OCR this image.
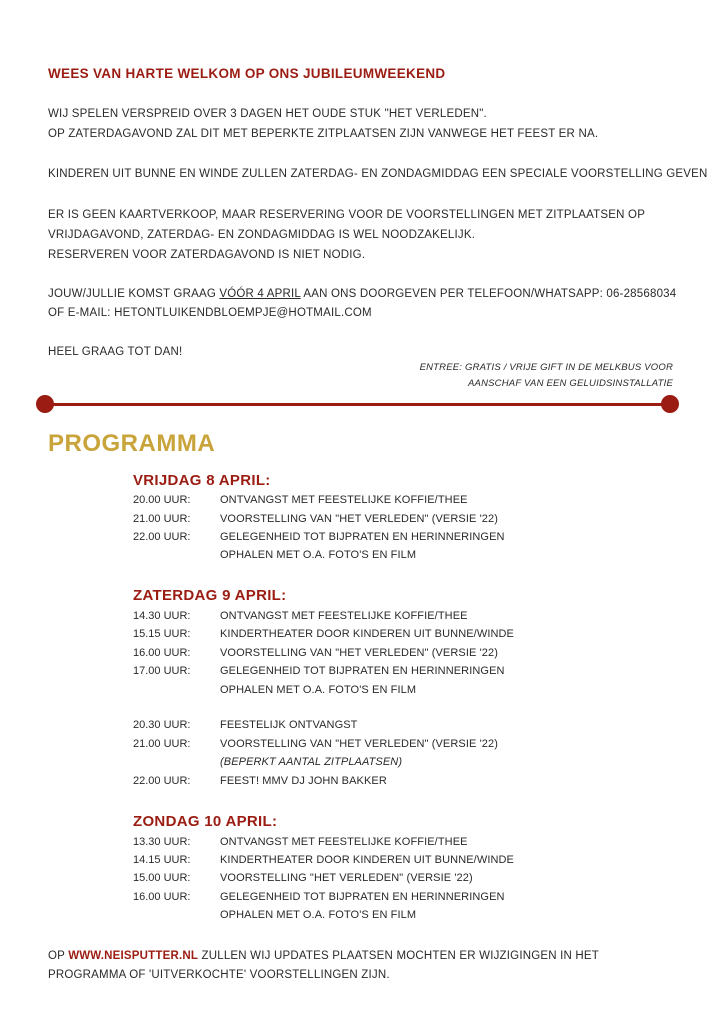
WEES VAN HARTE WELKOM OP ONS JUBILEUMWEEKEND
WIJ SPELEN VERSPREID OVER 3 DAGEN HET OUDE STUK "HET VERLEDEN".
OP ZATERDAGAVOND ZAL DIT MET BEPERKTE ZITPLAATSEN ZIJN VANWEGE HET FEEST ER NA.
KINDEREN UIT BUNNE EN WINDE ZULLEN ZATERDAG- EN ZONDAGMIDDAG EEN SPECIALE VOORSTELLING GEVEN
ER IS GEEN KAARTVERKOOP, MAAR RESERVERING VOOR DE VOORSTELLINGEN MET ZITPLAATSEN OP
VRIJDAGAVOND, ZATERDAG- EN ZONDAGMIDDAG IS WEL NOODZAKELIJK.
RESERVEREN VOOR ZATERDAGAVOND IS NIET NODIG.
JOUW/JULLIE KOMST GRAAG VÓÓR 4 APRIL AAN ONS DOORGEVEN PER TELEFOON/WHATSAPP: 06-28568034
OF E-MAIL: HETONTLUIKENDBLOEMPJE@HOTMAIL.COM
HEEL GRAAG TOT DAN!
ENTREE: GRATIS / VRIJE GIFT IN DE MELKBUS VOOR
AANSCHAF VAN EEN GELUIDSINSTALLATIE
PROGRAMMA
VRIJDAG 8 APRIL:
20.00 UUR:	ONTVANGST MET FEESTELIJKE KOFFIE/THEE
21.00 UUR:	VOORSTELLING VAN "HET VERLEDEN" (VERSIE '22)
22.00 UUR:	GELEGENHEID TOT BIJPRATEN EN HERINNERINGEN
OPHALEN MET O.A. FOTO'S EN FILM
ZATERDAG 9 APRIL:
14.30 UUR:	ONTVANGST MET FEESTELIJKE KOFFIE/THEE
15.15 UUR:	KINDERTHEATER DOOR KINDEREN UIT BUNNE/WINDE
16.00 UUR:	VOORSTELLING VAN "HET VERLEDEN" (VERSIE '22)
17.00 UUR:	GELEGENHEID TOT BIJPRATEN EN HERINNERINGEN
OPHALEN MET O.A. FOTO'S EN FILM
20.30 UUR:	FEESTELIJK ONTVANGST
21.00 UUR:	VOORSTELLING VAN "HET VERLEDEN" (VERSIE '22)
(BEPERKT AANTAL ZITPLAATSEN)
22.00 UUR:	FEEST! MMV DJ JOHN BAKKER
ZONDAG 10 APRIL:
13.30 UUR:	ONTVANGST MET FEESTELIJKE KOFFIE/THEE
14.15 UUR:	KINDERTHEATER DOOR KINDEREN UIT BUNNE/WINDE
15.00 UUR:	VOORSTELLING "HET VERLEDEN" (VERSIE '22)
16.00 UUR:	GELEGENHEID TOT BIJPRATEN EN HERINNERINGEN
OPHALEN MET O.A. FOTO'S EN FILM
OP WWW.NEISPUTTER.NL ZULLEN WIJ UPDATES PLAATSEN MOCHTEN ER WIJZIGINGEN IN HET
PROGRAMMA OF 'UITVERKOCHTE' VOORSTELLINGEN ZIJN.
